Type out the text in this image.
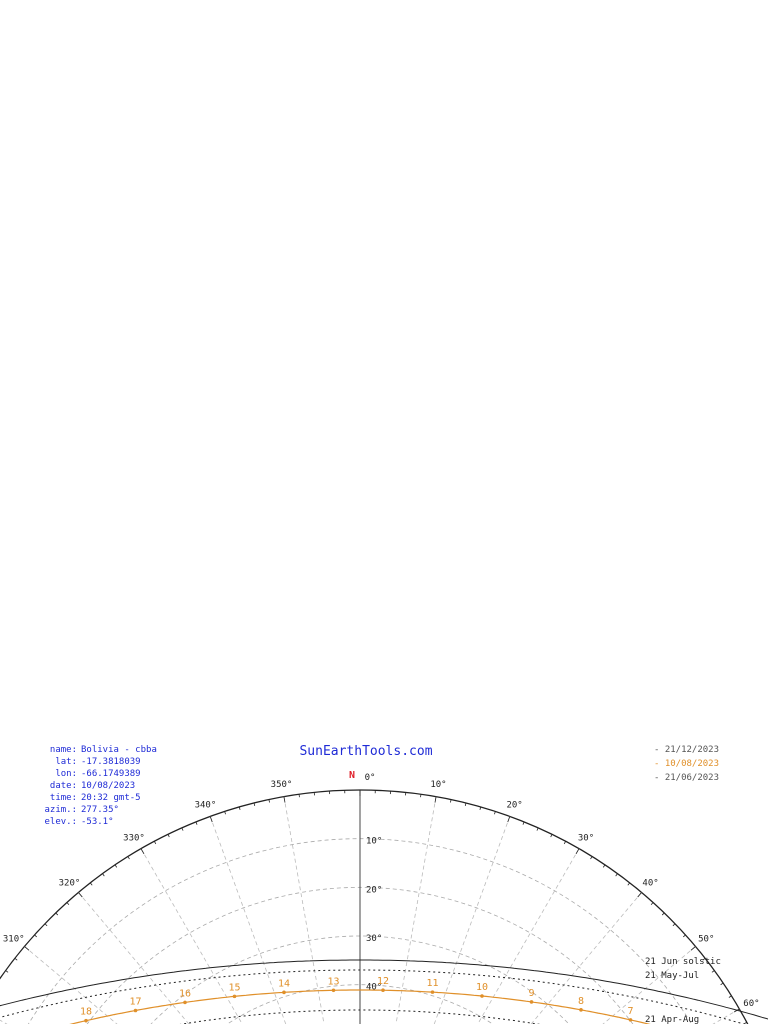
0°
10°
20°
30°
40°
50°
60°
310°
320°
330°
340°
350°
10°
20°
30°
40°
18
17
16
15	14	13	12	11	10
9
8
7
21 Jun solstic
21 May-Jul
21 Apr-Aug
SunEarthTools.com
N
name: Bolivia - cbba
lat: -17.3818039
lon: -66.1749389
date: 10/08/2023
time: 20:32 gmt-5
azim.: 277.35°
elev.: -53.1°
- 21/12/2023
- 10/08/2023
- 21/06/2023
